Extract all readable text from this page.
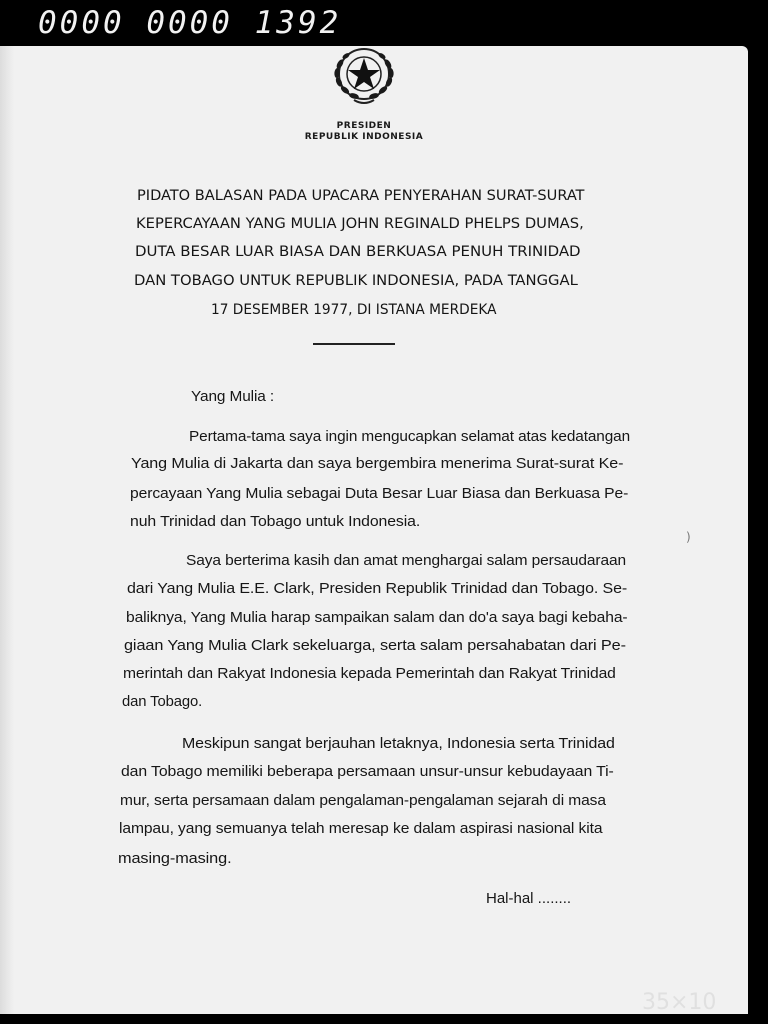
0000 0000 1392
PRESIDEN
REPUBLIK INDONESIA
PIDATO BALASAN PADA UPACARA PENYERAHAN SURAT-SURAT
KEPERCAYAAN YANG MULIA JOHN REGINALD PHELPS DUMAS,
DUTA BESAR LUAR BIASA DAN BERKUASA PENUH TRINIDAD
DAN TOBAGO UNTUK REPUBLIK INDONESIA, PADA TANGGAL
17 DESEMBER 1977, DI ISTANA MERDEKA
Yang Mulia :
Pertama-tama saya ingin mengucapkan selamat atas kedatangan
Yang Mulia di Jakarta dan saya bergembira menerima Surat-surat Ke-
percayaan Yang Mulia sebagai Duta Besar Luar Biasa dan Berkuasa Pe-
nuh Trinidad dan Tobago untuk Indonesia.
Saya berterima kasih dan amat menghargai salam persaudaraan
dari Yang Mulia E.E. Clark, Presiden Republik Trinidad dan Tobago. Se-
baliknya, Yang Mulia harap sampaikan salam dan do'a saya bagi kebaha-
giaan Yang Mulia Clark sekeluarga, serta salam persahabatan dari Pe-
merintah dan Rakyat Indonesia kepada Pemerintah dan Rakyat Trinidad
dan Tobago.
Meskipun sangat berjauhan letaknya, Indonesia serta Trinidad
dan Tobago memiliki beberapa persamaan unsur-unsur kebudayaan Ti-
mur, serta persamaan dalam pengalaman-pengalaman sejarah di masa
lampau, yang semuanya telah meresap ke dalam aspirasi nasional kita
masing-masing.
Hal-hal ........
)
35×10
